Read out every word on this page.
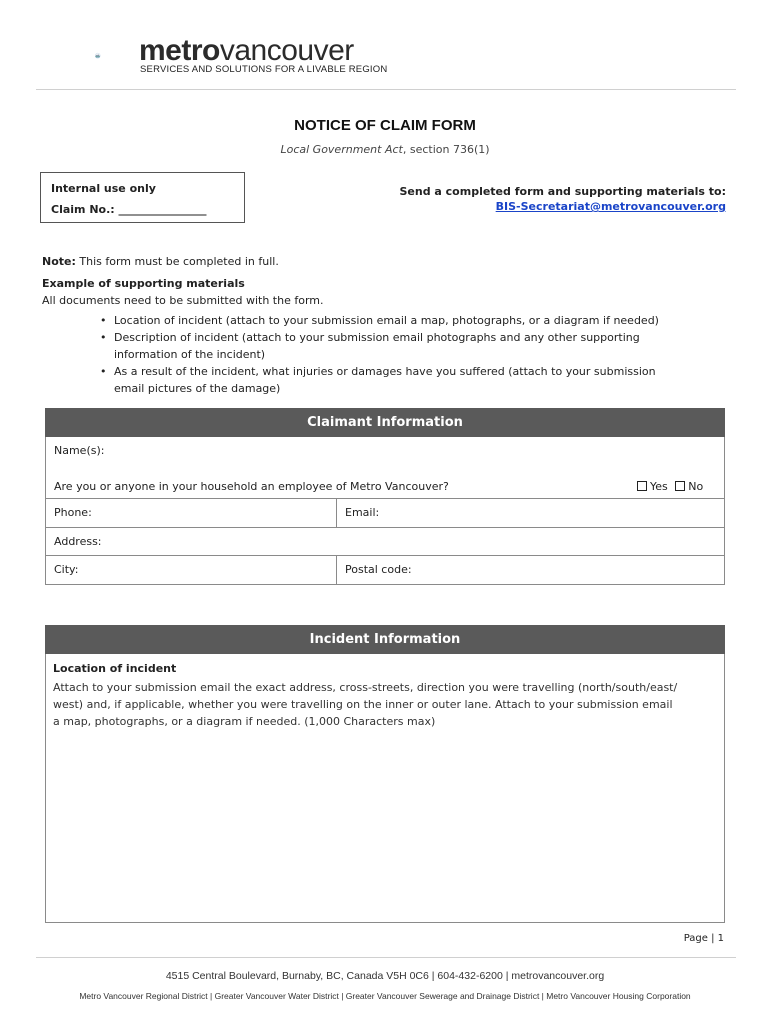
metrovancouver
SERVICES AND SOLUTIONS FOR A LIVABLE REGION
NOTICE OF CLAIM FORM
Local Government Act, section 736(1)
Internal use only
Claim No.: ________________
Send a completed form and supporting materials to:
BIS-Secretariat@metrovancouver.org
Note: This form must be completed in full.
Example of supporting materials
All documents need to be submitted with the form.
• Location of incident (attach to your submission email a map, photographs, or a diagram if needed)
• Description of incident (attach to your submission email photographs and any other supporting
information of the incident)
• As a result of the incident, what injuries or damages have you suffered (attach to your submission
email pictures of the damage)
Claimant Information
Name(s):
Are you or anyone in your household an employee of Metro Vancouver?	Yes No
Phone:	Email:
Address:
City:	Postal code:
Incident Information
Location of incident
Attach to your submission email the exact address, cross-streets, direction you were travelling (north/south/east/
west) and, if applicable, whether you were travelling on the inner or outer lane. Attach to your submission email
a map, photographs, or a diagram if needed. (1,000 Characters max)
Page | 1
4515 Central Boulevard, Burnaby, BC, Canada V5H 0C6 | 604-432-6200 | metrovancouver.org
Metro Vancouver Regional District | Greater Vancouver Water District | Greater Vancouver Sewerage and Drainage District | Metro Vancouver Housing Corporation
